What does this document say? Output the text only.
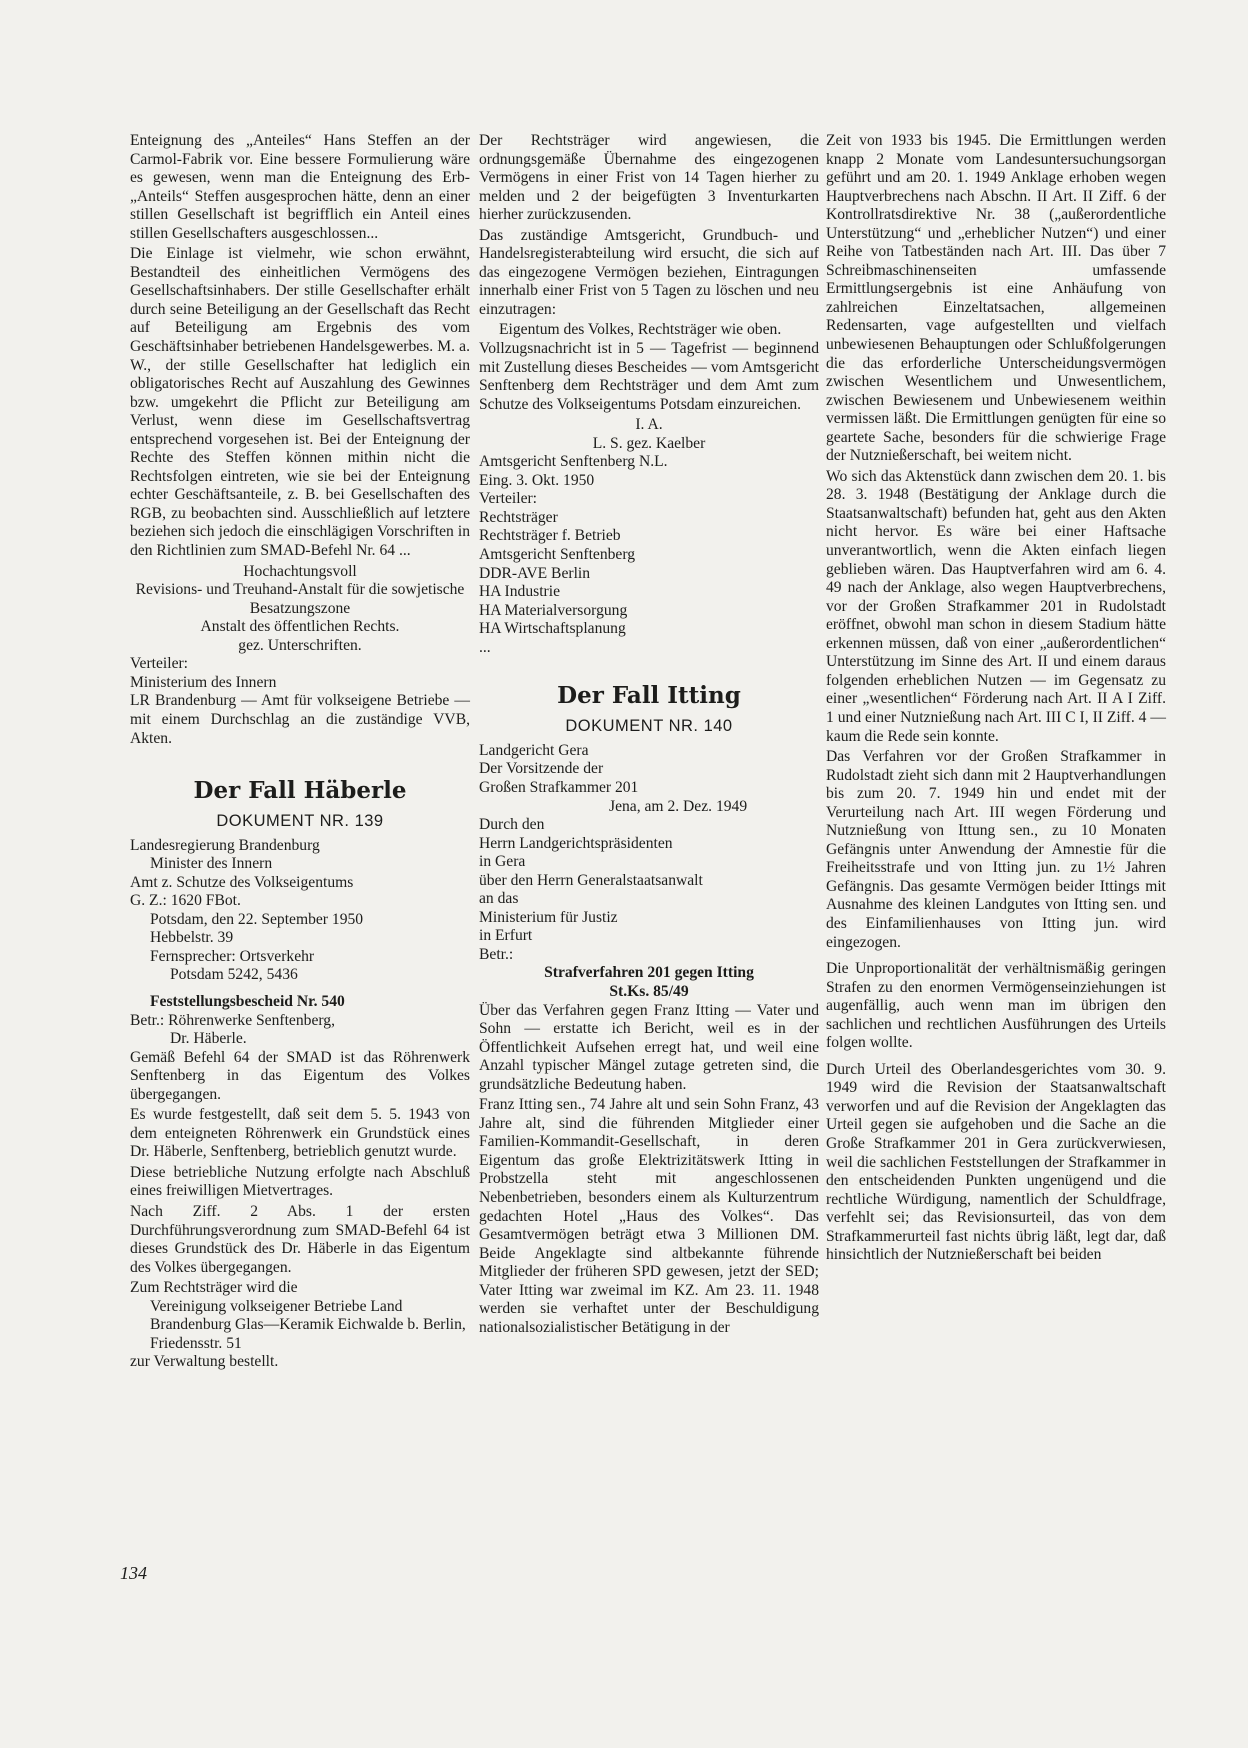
Enteignung des „Anteiles“ Hans Steffen an der Carmol-Fabrik vor. Eine bessere Formulierung wäre es gewesen, wenn man die Enteignung des Erb-„Anteils“ Steffen ausgesprochen hätte, denn an einer stillen Gesellschaft ist begrifflich ein Anteil eines stillen Gesellschafters ausgeschlossen...

Die Einlage ist vielmehr, wie schon erwähnt, Bestandteil des einheitlichen Vermögens des Gesellschaftsinhabers. Der stille Gesellschafter erhält durch seine Beteiligung an der Gesellschaft das Recht auf Beteiligung am Ergebnis des vom Geschäftsinhaber betriebenen Handelsgewerbes. M. a. W., der stille Gesellschafter hat lediglich ein obligatorisches Recht auf Auszahlung des Gewinnes bzw. umgekehrt die Pflicht zur Beteiligung am Verlust, wenn diese im Gesellschaftsvertrag entsprechend vorgesehen ist. Bei der Enteignung der Rechte des Steffen können mithin nicht die Rechtsfolgen eintreten, wie sie bei der Enteignung echter Geschäftsanteile, z. B. bei Gesellschaften des RGB, zu beobachten sind. Ausschließlich auf letztere beziehen sich jedoch die einschlägigen Vorschriften in den Richtlinien zum SMAD-Befehl Nr. 64 ...

Hochachtungsvoll

Revisions- und Treuhand-Anstalt für die sowjetische Besatzungszone

Anstalt des öffentlichen Rechts.

gez. Unterschriften.

Verteiler:

Ministerium des Innern

LR Brandenburg — Amt für volkseigene Betriebe — mit einem Durchschlag an die zuständige VVB, Akten.

Der Fall Häberle
DOKUMENT NR. 139

Landesregierung Brandenburg

Minister des Innern

Amt z. Schutze des Volkseigentums

G. Z.: 1620 FBot.

Potsdam, den 22. September 1950

Hebbelstr. 39

Fernsprecher: Ortsverkehr

Potsdam 5242, 5436

Feststellungsbescheid Nr. 540

Betr.: Röhrenwerke Senftenberg,

Dr. Häberle.

Gemäß Befehl 64 der SMAD ist das Röhrenwerk Senftenberg in das Eigentum des Volkes übergegangen.

Es wurde festgestellt, daß seit dem 5. 5. 1943 von dem enteigneten Röhrenwerk ein Grundstück eines Dr. Häberle, Senftenberg, betrieblich genutzt wurde.

Diese betriebliche Nutzung erfolgte nach Abschluß eines freiwilligen Mietvertrages.

Nach Ziff. 2 Abs. 1 der ersten Durchführungsverordnung zum SMAD-Befehl 64 ist dieses Grundstück des Dr. Häberle in das Eigentum des Volkes übergegangen.

Zum Rechtsträger wird die

Vereinigung volkseigener Betriebe Land Brandenburg Glas—Keramik Eichwalde b. Berlin, Friedensstr. 51

zur Verwaltung bestellt.

Der Rechtsträger wird angewiesen, die ordnungsgemäße Übernahme des eingezogenen Vermögens in einer Frist von 14 Tagen hierher zu melden und 2 der beigefügten 3 Inventurkarten hierher zurückzusenden.

Das zuständige Amtsgericht, Grundbuch- und Handelsregisterabteilung wird ersucht, die sich auf das eingezogene Vermögen beziehen, Eintragungen innerhalb einer Frist von 5 Tagen zu löschen und neu einzutragen:

Eigentum des Volkes, Rechtsträger wie oben.

Vollzugsnachricht ist in 5 — Tagefrist — beginnend mit Zustellung dieses Bescheides — vom Amtsgericht Senftenberg dem Rechtsträger und dem Amt zum Schutze des Volkseigentums Potsdam einzureichen.

I. A.

L. S. gez. Kaelber

Amtsgericht Senftenberg N.L.

Eing. 3. Okt. 1950

Verteiler:

Rechtsträger

Rechtsträger f. Betrieb

Amtsgericht Senftenberg

DDR-AVE Berlin

HA Industrie

HA Materialversorgung

HA Wirtschaftsplanung

...

Der Fall Itting
DOKUMENT NR. 140

Landgericht Gera

Der Vorsitzende der

Großen Strafkammer 201

Jena, am 2. Dez. 1949

Durch den

Herrn Landgerichtspräsidenten

in Gera

über den Herrn Generalstaatsanwalt

an das

Ministerium für Justiz

in Erfurt

Betr.:

Strafverfahren 201 gegen Itting

St.Ks. 85/49

Über das Verfahren gegen Franz Itting — Vater und Sohn — erstatte ich Bericht, weil es in der Öffentlichkeit Aufsehen erregt hat, und weil eine Anzahl typischer Mängel zutage getreten sind, die grundsätzliche Bedeutung haben.

Franz Itting sen., 74 Jahre alt und sein Sohn Franz, 43 Jahre alt, sind die führenden Mitglieder einer Familien-Kommandit-Gesellschaft, in deren Eigentum das große Elektrizitätswerk Itting in Probstzella steht mit angeschlossenen Nebenbetrieben, besonders einem als Kulturzentrum gedachten Hotel „Haus des Volkes“. Das Gesamtvermögen beträgt etwa 3 Millionen DM. Beide Angeklagte sind altbekannte führende Mitglieder der früheren SPD gewesen, jetzt der SED; Vater Itting war zweimal im KZ. Am 23. 11. 1948 werden sie verhaftet unter der Beschuldigung nationalsozialistischer Betätigung in der

Zeit von 1933 bis 1945. Die Ermittlungen werden knapp 2 Monate vom Landesuntersuchungsorgan geführt und am 20. 1. 1949 Anklage erhoben wegen Hauptverbrechens nach Abschn. II Art. II Ziff. 6 der Kontrollratsdirektive Nr. 38 („außerordentliche Unterstützung“ und „erheblicher Nutzen“) und einer Reihe von Tatbeständen nach Art. III. Das über 7 Schreibmaschinenseiten umfassende Ermittlungsergebnis ist eine Anhäufung von zahlreichen Einzeltatsachen, allgemeinen Redensarten, vage aufgestellten und vielfach unbewiesenen Behauptungen oder Schlußfolgerungen die das erforderliche Unterscheidungsvermögen zwischen Wesentlichem und Unwesentlichem, zwischen Bewiesenem und Unbewiesenem weithin vermissen läßt. Die Ermittlungen genügten für eine so geartete Sache, besonders für die schwierige Frage der Nutznießerschaft, bei weitem nicht.

Wo sich das Aktenstück dann zwischen dem 20. 1. bis 28. 3. 1948 (Bestätigung der Anklage durch die Staatsanwaltschaft) befunden hat, geht aus den Akten nicht hervor. Es wäre bei einer Haftsache unverantwortlich, wenn die Akten einfach liegen geblieben wären. Das Hauptverfahren wird am 6. 4. 49 nach der Anklage, also wegen Hauptverbrechens, vor der Großen Strafkammer 201 in Rudolstadt eröffnet, obwohl man schon in diesem Stadium hätte erkennen müssen, daß von einer „außerordentlichen“ Unterstützung im Sinne des Art. II und einem daraus folgenden erheblichen Nutzen — im Gegensatz zu einer „wesentlichen“ Förderung nach Art. II A I Ziff. 1 und einer Nutznießung nach Art. III C I, II Ziff. 4 — kaum die Rede sein konnte.

Das Verfahren vor der Großen Strafkammer in Rudolstadt zieht sich dann mit 2 Hauptverhandlungen bis zum 20. 7. 1949 hin und endet mit der Verurteilung nach Art. III wegen Förderung und Nutznießung von Ittung sen., zu 10 Monaten Gefängnis unter Anwendung der Amnestie für die Freiheitsstrafe und von Itting jun. zu 1½ Jahren Gefängnis. Das gesamte Vermögen beider Ittings mit Ausnahme des kleinen Landgutes von Itting sen. und des Einfamilienhauses von Itting jun. wird eingezogen.

Die Unproportionalität der verhältnismäßig geringen Strafen zu den enormen Vermögenseinziehungen ist augenfällig, auch wenn man im übrigen den sachlichen und rechtlichen Ausführungen des Urteils folgen wollte.

Durch Urteil des Oberlandesgerichtes vom 30. 9. 1949 wird die Revision der Staatsanwaltschaft verworfen und auf die Revision der Angeklagten das Urteil gegen sie aufgehoben und die Sache an die Große Strafkammer 201 in Gera zurückverwiesen, weil die sachlichen Feststellungen der Strafkammer in den entscheidenden Punkten ungenügend und die rechtliche Würdigung, namentlich der Schuldfrage, verfehlt sei; das Revisionsurteil, das von dem Strafkammerurteil fast nichts übrig läßt, legt dar, daß hinsichtlich der Nutznießerschaft bei beiden

134
